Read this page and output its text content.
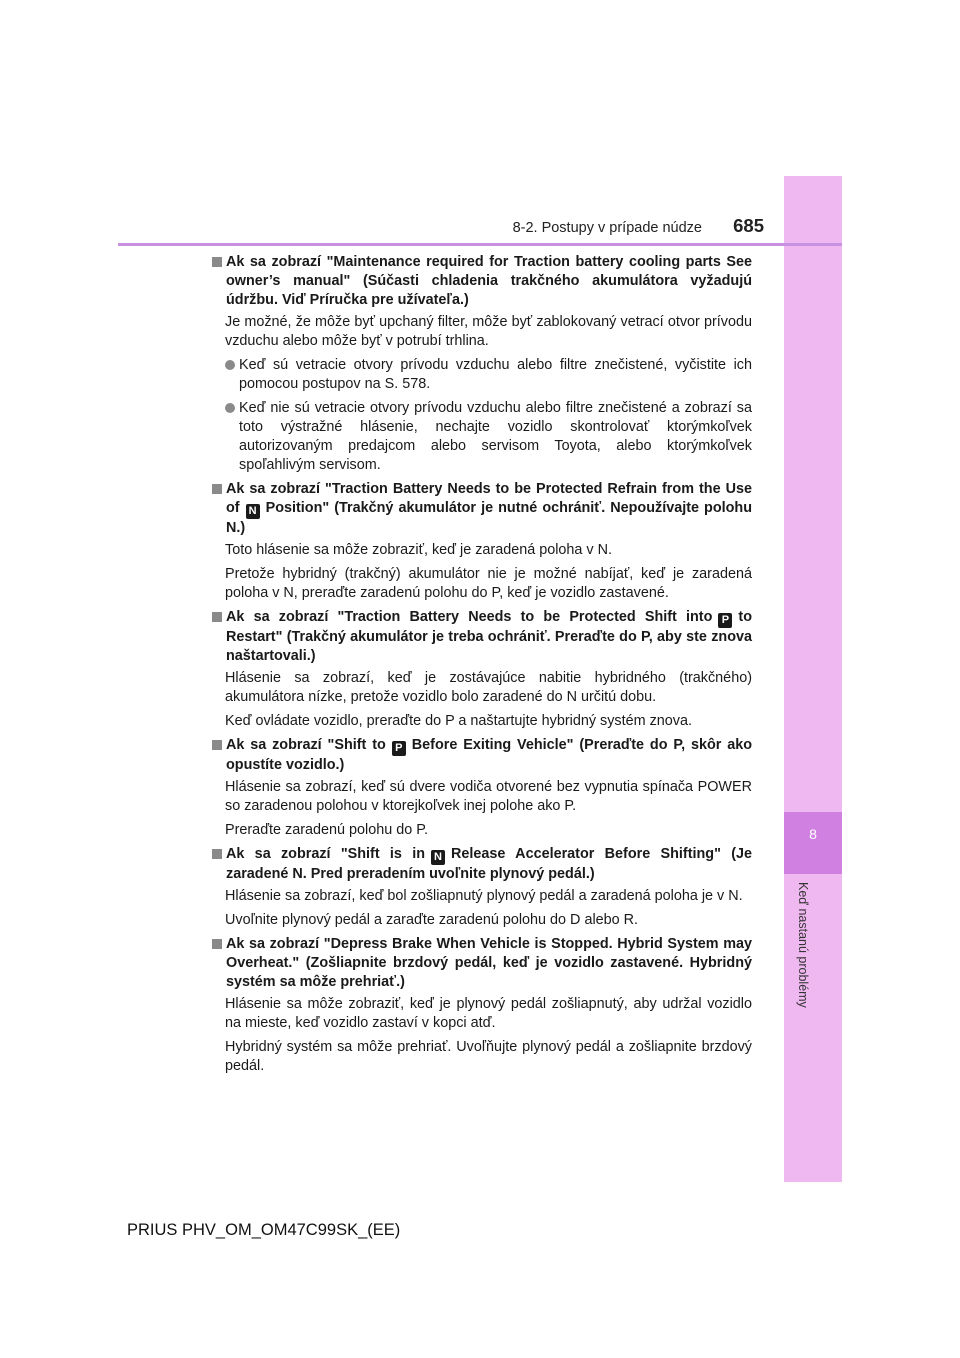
8
Keď nastanú problémy
8-2. Postupy v prípade núdze	685
Ak sa zobrazí "Maintenance required for Traction battery cooling parts See owner’s manual" (Súčasti chladenia trakčného akumulátora vyžadujú údržbu. Viď Príručka pre užívateľa.)
Je možné, že môže byť upchaný filter, môže byť zablokovaný vetrací otvor prívodu vzduchu alebo môže byť v potrubí trhlina.
Keď sú vetracie otvory prívodu vzduchu alebo filtre znečistené, vyčistite ich pomocou postupov na S. 578.
Keď nie sú vetracie otvory prívodu vzduchu alebo filtre znečistené a zobrazí sa toto výstražné hlásenie, nechajte vozidlo skontrolovať ktorýmkoľvek autorizovaným predajcom alebo servisom Toyota, alebo ktorýmkoľvek spoľahlivým servisom.
Ak sa zobrazí "Traction Battery Needs to be Protected Refrain from the Use of N Position" (Trakčný akumulátor je nutné ochrániť. Nepoužívajte polohu N.)
Toto hlásenie sa môže zobraziť, keď je zaradená poloha v N.
Pretože hybridný (trakčný) akumulátor nie je možné nabíjať, keď je zaradená poloha v N, preraďte zaradenú polohu do P, keď je vozidlo zastavené.
Ak sa zobrazí "Traction Battery Needs to be Protected Shift into P to Restart" (Trakčný akumulátor je treba ochrániť. Preraďte do P, aby ste znova naštartovali.)
Hlásenie sa zobrazí, keď je zostávajúce nabitie hybridného (trakčného) akumulátora nízke, pretože vozidlo bolo zaradené do N určitú dobu.
Keď ovládate vozidlo, preraďte do P a naštartujte hybridný systém znova.
Ak sa zobrazí "Shift to P Before Exiting Vehicle" (Preraďte do P, skôr ako opustíte vozidlo.)
Hlásenie sa zobrazí, keď sú dvere vodiča otvorené bez vypnutia spínača POWER so zaradenou polohou v ktorejkoľvek inej polohe ako P.
Preraďte zaradenú polohu do P.
Ak sa zobrazí "Shift is in N Release Accelerator Before Shifting" (Je zaradené N. Pred preradením uvoľnite plynový pedál.)
Hlásenie sa zobrazí, keď bol zošliapnutý plynový pedál a zaradená poloha je v N.
Uvoľnite plynový pedál a zaraďte zaradenú polohu do D alebo R.
Ak sa zobrazí "Depress Brake When Vehicle is Stopped. Hybrid System may Overheat." (Zošliapnite brzdový pedál, keď je vozidlo zastavené. Hybridný systém sa môže prehriať.)
Hlásenie sa môže zobraziť, keď je plynový pedál zošliapnutý, aby udržal vozidlo na mieste, keď vozidlo zastaví v kopci atď.
Hybridný systém sa môže prehriať. Uvoľňujte plynový pedál a zošliapnite brzdový pedál.
PRIUS PHV_OM_OM47C99SK_(EE)
